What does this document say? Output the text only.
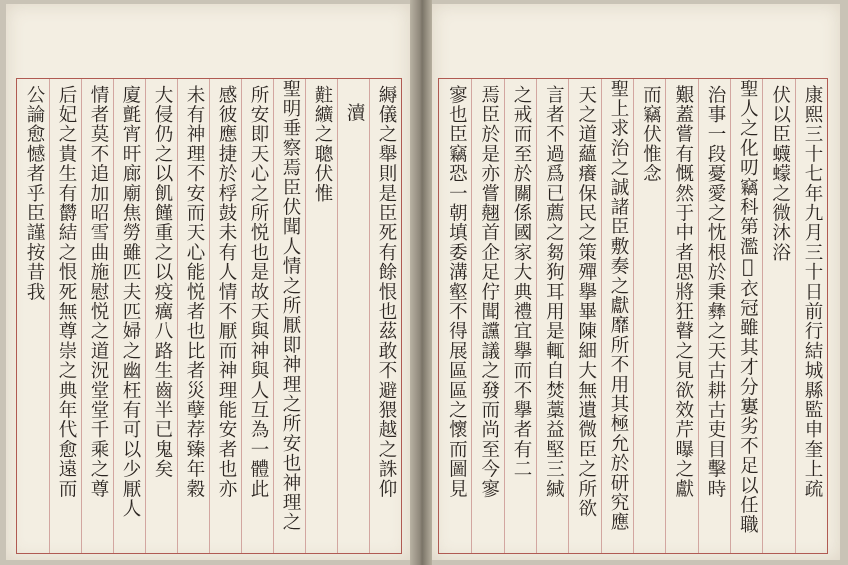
縟儀之舉則是臣死有餘恨也茲敢不避猥越之誅仰
瀆
黈纊之聰伏惟
聖明垂察焉臣伏聞人情之所厭即神理之所安也神理之
所安即天心之所悦也是故天與神與人互為一體此
感彼應捷於桴鼓未有人情不厭而神理能安者也亦
未有神理不安而天心能悦者也比者災孽荐臻年穀
大侵仍之以飢饉重之以疫癘八路生齒半已鬼矣
廈氈宵旰廊廟焦勞雖匹夫匹婦之幽枉有可以少厭人
情者莫不追加昭雪曲施慰悦之道況堂堂千乘之尊
后妃之貴生有欝結之恨死無尊崇之典年代愈遠而
公論愈憾者乎臣謹按昔我	康熙三十七年九月三十日前行結城縣監申奎上疏
伏以臣蠛蠓之微沐浴
聖人之化叨竊科第濫𥚁衣冠雖其才分寠劣不足以任職
治事一段憂愛之忱根於秉彝之天古耕古吏目擊時
艱蓋嘗有慨然于中者思將狂瞽之見欲效芹曝之獻
而竊伏惟念
聖上求治之誠諸臣敷奏之獻靡所不用其極允於研究應
天之道蘊癢保民之策殫擧畢陳細大無遺微臣之所欲
言者不過爲已薦之芻狗耳用是輒自焚藁益堅三緘
之戒而至於關係國家大典禮宜擧而不擧者有二
焉臣於是亦嘗翹首企足佇聞讜議之發而尚至今寥
寥也臣竊恐一朝填委溝壑不得展區區之懷而圖見
